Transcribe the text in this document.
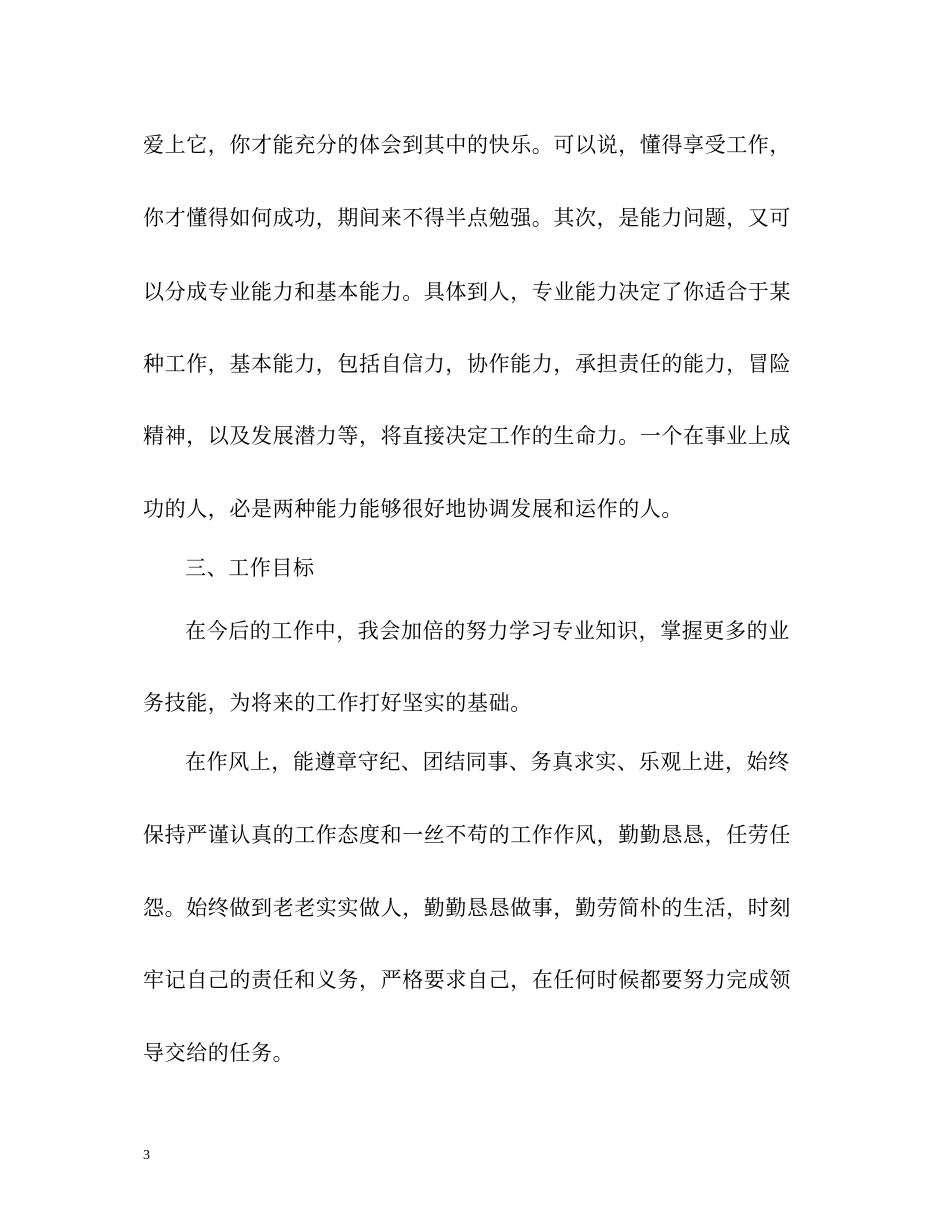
爱上它，你才能充分的体会到其中的快乐。可以说，懂得享受工作，
你才懂得如何成功，期间来不得半点勉强。其次，是能力问题，又可
以分成专业能力和基本能力。具体到人，专业能力决定了你适合于某
种工作，基本能力，包括自信力，协作能力，承担责任的能力，冒险
精神，以及发展潜力等，将直接决定工作的生命力。一个在事业上成
功的人，必是两种能力能够很好地协调发展和运作的人。
三、工作目标
在今后的工作中，我会加倍的努力学习专业知识，掌握更多的业
务技能，为将来的工作打好坚实的基础。
在作风上，能遵章守纪、团结同事、务真求实、乐观上进，始终
保持严谨认真的工作态度和一丝不苟的工作作风，勤勤恳恳，任劳任
怨。始终做到老老实实做人，勤勤恳恳做事，勤劳简朴的生活，时刻
牢记自己的责任和义务，严格要求自己，在任何时候都要努力完成领
导交给的任务。
3
